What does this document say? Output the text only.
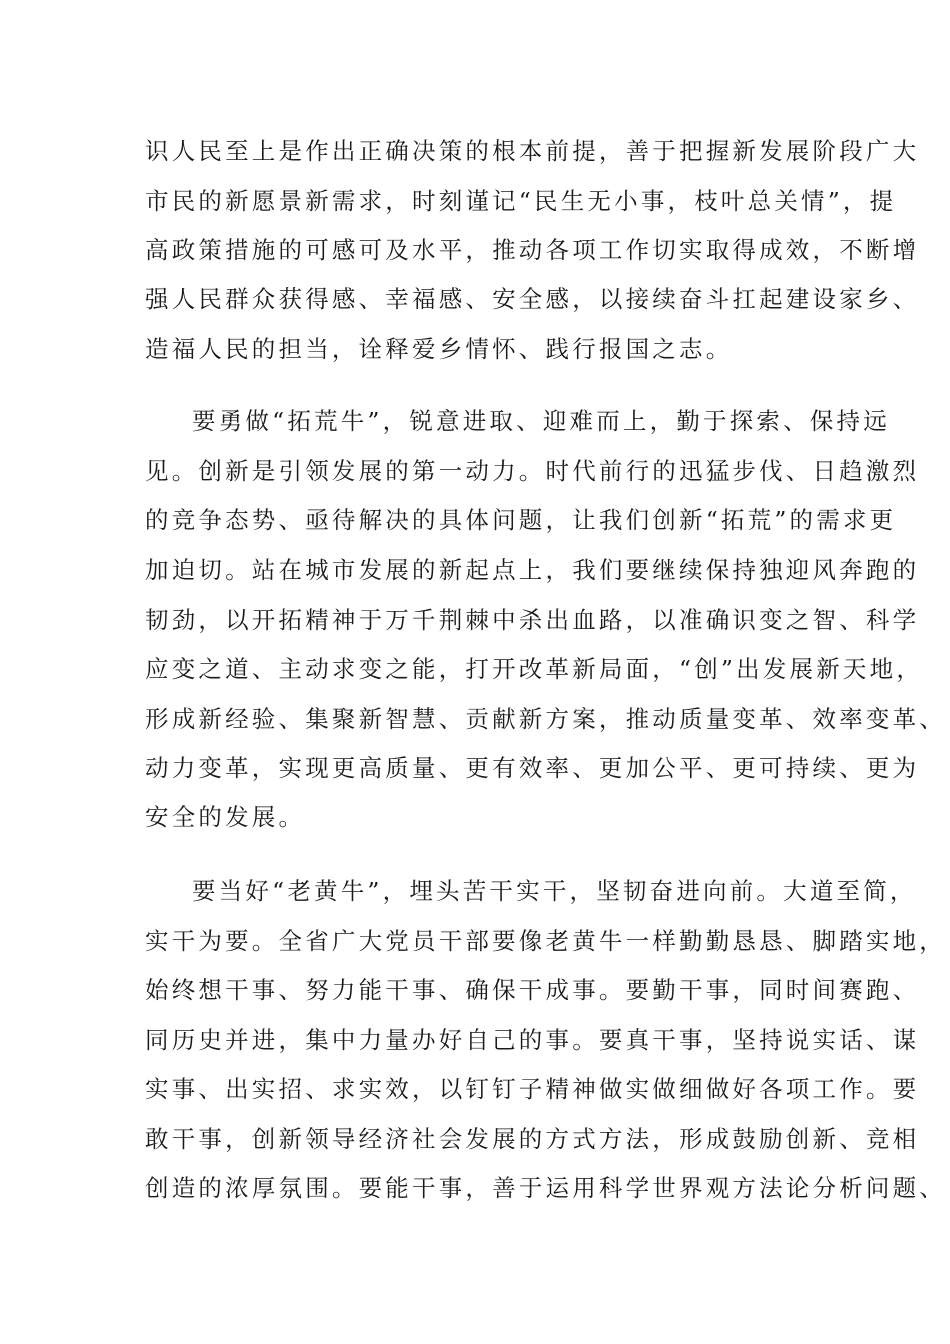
识人民至上是作出正确决策的根本前提，善于把握新发展阶段广大
市民的新愿景新需求，时刻谨记“民生无小事，枝叶总关情”，提
高政策措施的可感可及水平，推动各项工作切实取得成效，不断增
强人民群众获得感、幸福感、安全感，以接续奋斗扛起建设家乡、
造福人民的担当，诠释爱乡情怀、践行报国之志。
要勇做“拓荒牛”，锐意进取、迎难而上，勤于探索、保持远
见。创新是引领发展的第一动力。时代前行的迅猛步伐、日趋激烈
的竞争态势、亟待解决的具体问题，让我们创新“拓荒”的需求更
加迫切。站在城市发展的新起点上，我们要继续保持独迎风奔跑的
韧劲，以开拓精神于万千荆棘中杀出血路，以准确识变之智、科学
应变之道、主动求变之能，打开改革新局面，“创”出发展新天地，
形成新经验、集聚新智慧、贡献新方案，推动质量变革、效率变革、
动力变革，实现更高质量、更有效率、更加公平、更可持续、更为
安全的发展。
要当好“老黄牛”，埋头苦干实干，坚韧奋进向前。大道至简，
实干为要。全省广大党员干部要像老黄牛一样勤勤恳恳、脚踏实地，
始终想干事、努力能干事、确保干成事。要勤干事，同时间赛跑、
同历史并进，集中力量办好自己的事。要真干事，坚持说实话、谋
实事、出实招、求实效，以钉钉子精神做实做细做好各项工作。要
敢干事，创新领导经济社会发展的方式方法，形成鼓励创新、竞相
创造的浓厚氛围。要能干事，善于运用科学世界观方法论分析问题、
